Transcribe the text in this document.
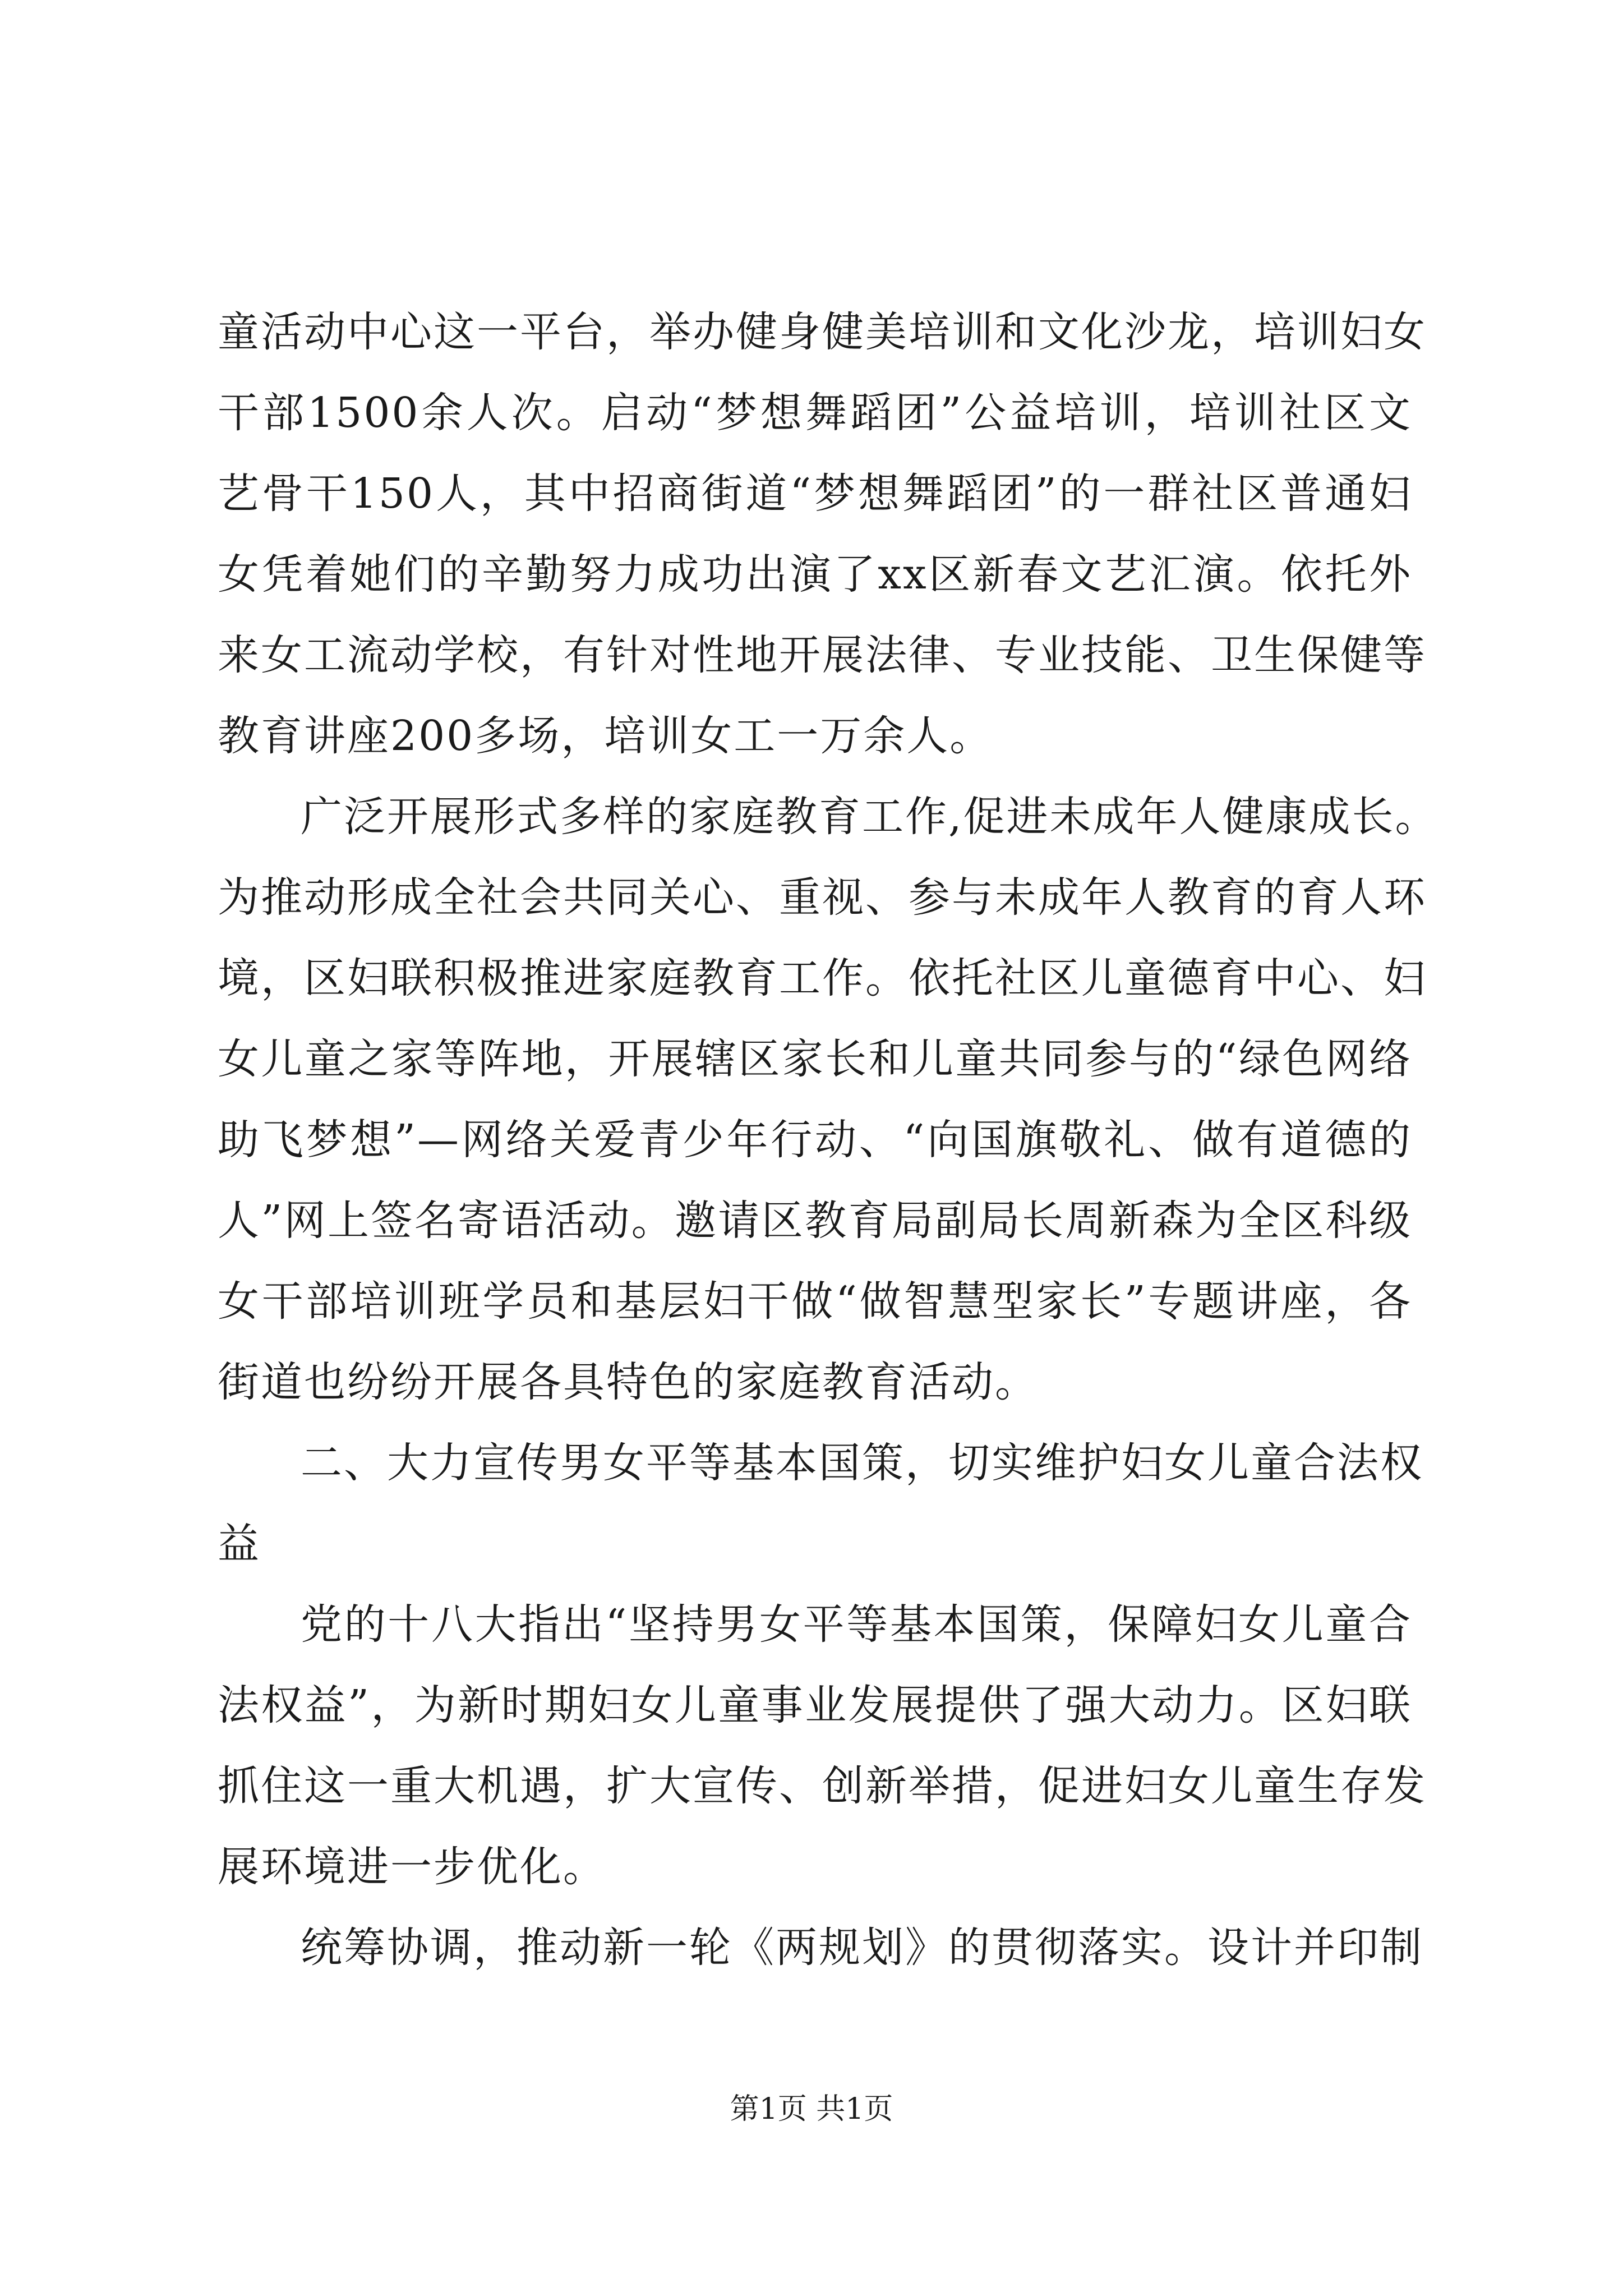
童活动中心这一平台，举办健身健美培训和文化沙龙，培训妇女
干部1500余人次。启动“梦想舞蹈团”公益培训，培训社区文
艺骨干150人，其中招商街道“梦想舞蹈团”的一群社区普通妇
女凭着她们的辛勤努力成功出演了xx区新春文艺汇演。依托外
来女工流动学校，有针对性地开展法律、专业技能、卫生保健等
教育讲座200多场，培训女工一万余人。
广泛开展形式多样的家庭教育工作,促进未成年人健康成长。
为推动形成全社会共同关心、重视、参与未成年人教育的育人环
境，区妇联积极推进家庭教育工作。依托社区儿童德育中心、妇
女儿童之家等阵地，开展辖区家长和儿童共同参与的“绿色网络
助飞梦想”—网络关爱青少年行动、“向国旗敬礼、做有道德的
人”网上签名寄语活动。邀请区教育局副局长周新森为全区科级
女干部培训班学员和基层妇干做“做智慧型家长”专题讲座，各
街道也纷纷开展各具特色的家庭教育活动。
二、大力宣传男女平等基本国策，切实维护妇女儿童合法权
益
党的十八大指出“坚持男女平等基本国策，保障妇女儿童合
法权益”，为新时期妇女儿童事业发展提供了强大动力。区妇联
抓住这一重大机遇，扩大宣传、创新举措，促进妇女儿童生存发
展环境进一步优化。
统筹协调，推动新一轮《两规划》的贯彻落实。设计并印制
第1页 共1页
